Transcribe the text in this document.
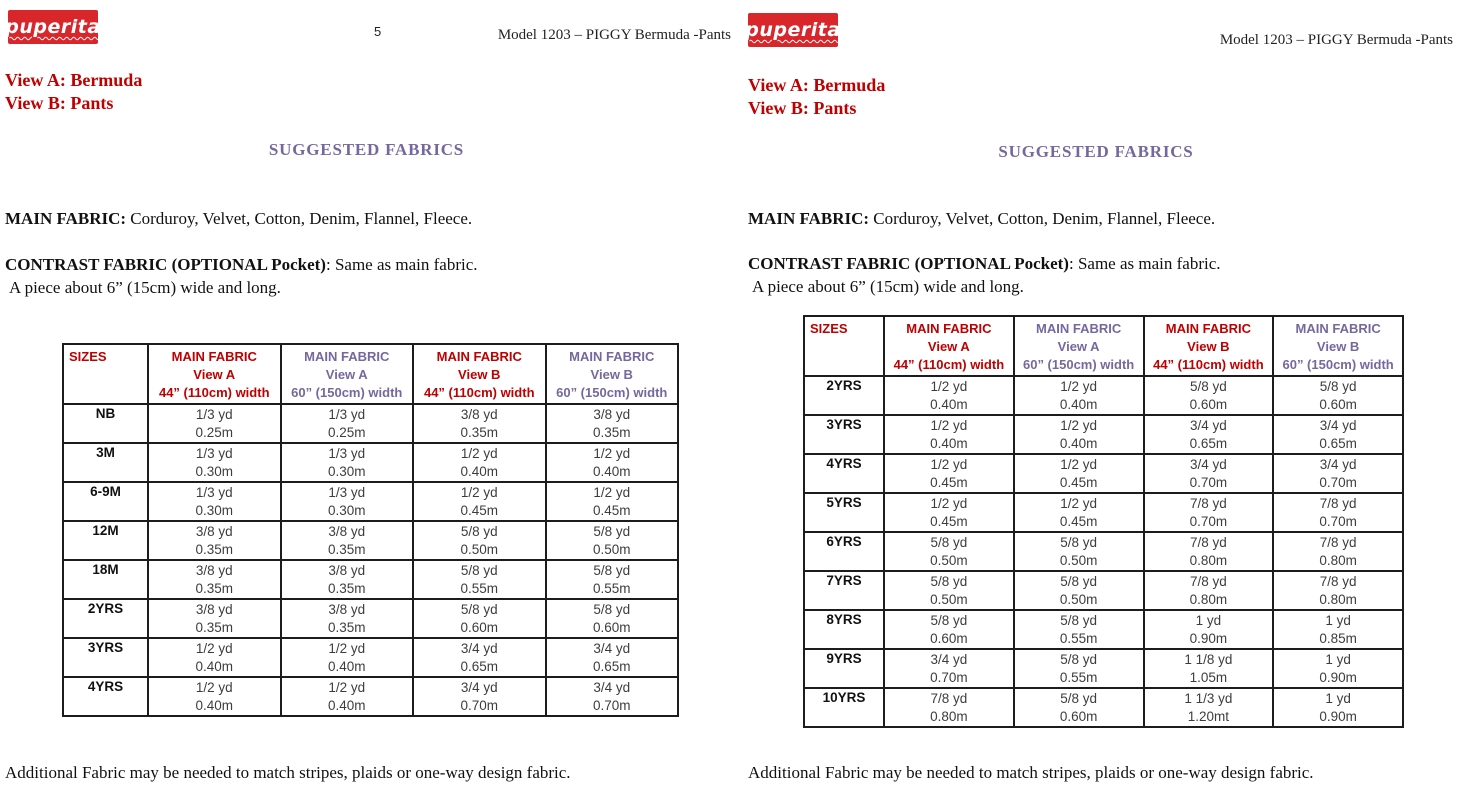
puperita	5	Model 1203 – PIGGY Bermuda -Pants
View A: Bermuda
View B: Pants
SUGGESTED FABRICS

MAIN FABRIC: Corduroy, Velvet, Cotton, Denim, Flannel, Fleece.

CONTRAST FABRIC (OPTIONAL Pocket): Same as main fabric.

A piece about 6” (15cm) wide and long.

SIZES	MAIN FABRIC
View A
44” (110cm) width	MAIN FABRIC
View A
60” (150cm) width	MAIN FABRIC
View B
44” (110cm) width	MAIN FABRIC
View B
60” (150cm) width
NB	1/3 yd
0.25m

1/3 yd
0.25m

3/8 yd
0.35m

3/8 yd
0.35m

3M	1/3 yd
0.30m

1/3 yd
0.30m

1/2 yd
0.40m

1/2 yd
0.40m

6-9M	1/3 yd
0.30m

1/3 yd
0.30m

1/2 yd
0.45m

1/2 yd
0.45m

12M	3/8 yd
0.35m

3/8 yd
0.35m

5/8 yd
0.50m

5/8 yd
0.50m

18M	3/8 yd
0.35m

3/8 yd
0.35m

5/8 yd
0.55m

5/8 yd
0.55m

2YRS	3/8 yd
0.35m

3/8 yd
0.35m

5/8 yd
0.60m

5/8 yd
0.60m

3YRS	1/2 yd
0.40m

1/2 yd
0.40m

3/4 yd
0.65m

3/4 yd
0.65m

4YRS	1/2 yd
0.40m

1/2 yd
0.40m

3/4 yd
0.70m

3/4 yd
0.70m

Additional Fabric may be needed to match stripes, plaids or one-way design fabric.

puperita	Model 1203 – PIGGY Bermuda -Pants
View A: Bermuda
View B: Pants
SUGGESTED FABRICS

MAIN FABRIC: Corduroy, Velvet, Cotton, Denim, Flannel, Fleece.

CONTRAST FABRIC (OPTIONAL Pocket): Same as main fabric.

A piece about 6” (15cm) wide and long.

SIZES	MAIN FABRIC
View A
44” (110cm) width	MAIN FABRIC
View A
60” (150cm) width	MAIN FABRIC
View B
44” (110cm) width	MAIN FABRIC
View B
60” (150cm) width
2YRS	1/2 yd
0.40m

1/2 yd
0.40m

5/8 yd
0.60m

5/8 yd
0.60m

3YRS	1/2 yd
0.40m

1/2 yd
0.40m

3/4 yd
0.65m

3/4 yd
0.65m

4YRS	1/2 yd
0.45m

1/2 yd
0.45m

3/4 yd
0.70m

3/4 yd
0.70m

5YRS	1/2 yd
0.45m

1/2 yd
0.45m

7/8 yd
0.70m

7/8 yd
0.70m

6YRS	5/8 yd
0.50m

5/8 yd
0.50m

7/8 yd
0.80m

7/8 yd
0.80m

7YRS	5/8 yd
0.50m

5/8 yd
0.50m

7/8 yd
0.80m

7/8 yd
0.80m

8YRS	5/8 yd
0.60m

5/8 yd
0.55m

1 yd
0.90m

1 yd
0.85m

9YRS	3/4 yd
0.70m

5/8 yd
0.55m

1 1/8 yd
1.05m

1 yd
0.90m

10YRS	7/8 yd
0.80m

5/8 yd
0.60m

1 1/3 yd
1.20mt

1 yd
0.90m

Additional Fabric may be needed to match stripes, plaids or one-way design fabric.
